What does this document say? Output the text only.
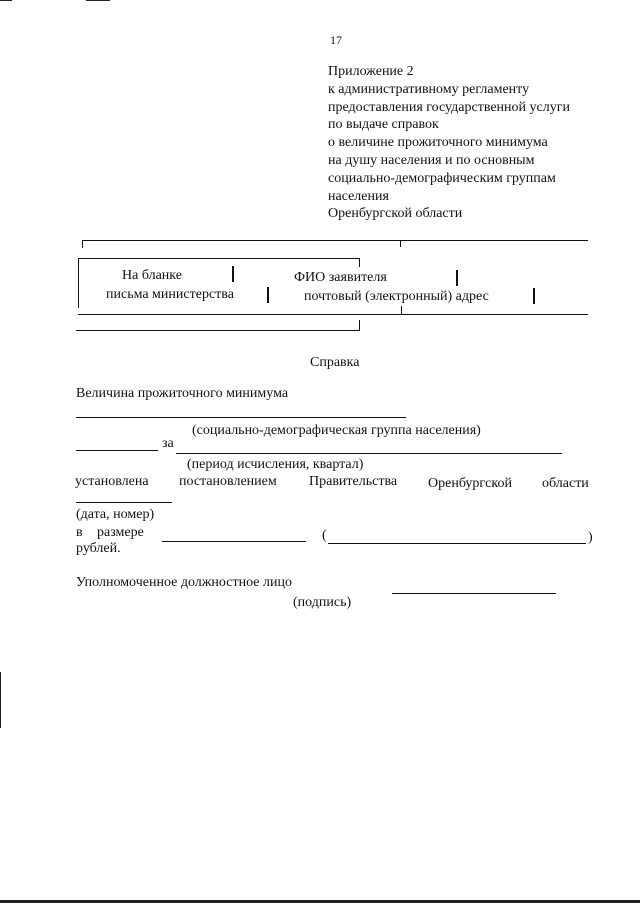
17
Приложение 2
к административному регламенту
предоставления государственной услуги
по выдаче справок
о величине прожиточного минимума
на душу населения и по основным
социально-демографическим группам
населения
Оренбургской области
На бланке
письма министерства
ФИО заявителя
почтовый (электронный) адрес
Справка
Величина прожиточного минимума
(социально-демографическая группа населения)
за
(период исчисления, квартал)
установлена постановлением Правительства Оренбургской области
(дата, номер)
в размере	(	)
рублей.
Уполномоченное должностное лицо
(подпись)
